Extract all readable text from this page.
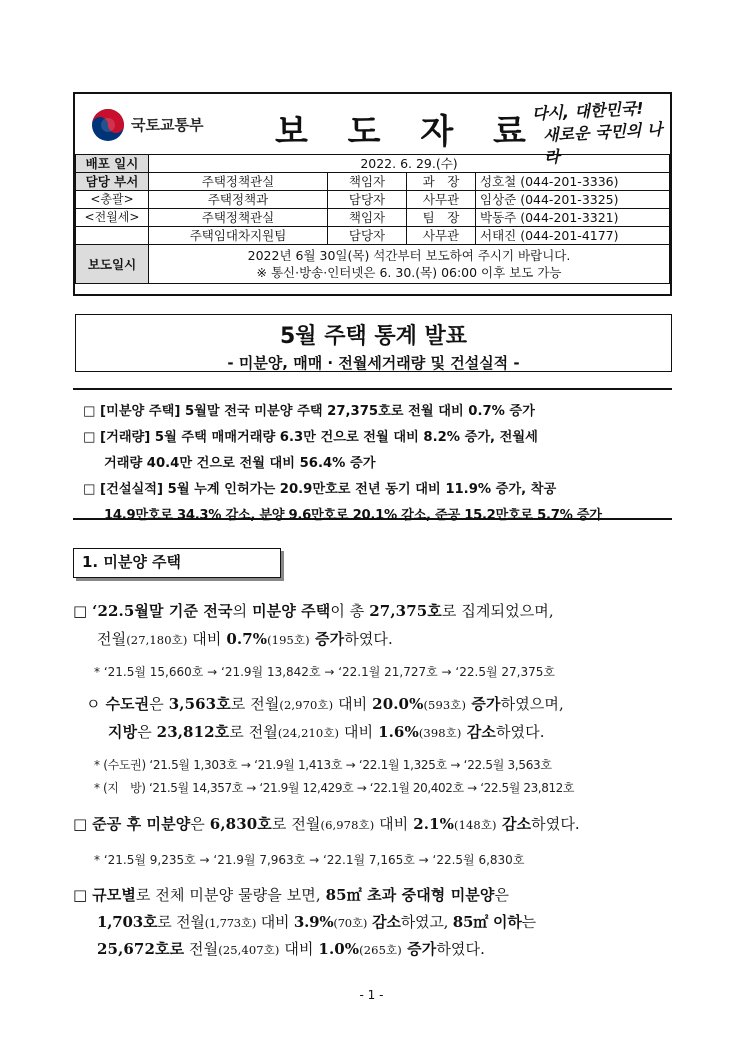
국토교통부 보 도 자 료
다시, 대한민국!
새로운 국민의 나라
배포 일시	2022. 6. 29.(수)			
담당 부서	주택정책관실	책임자	과　장	성호철 (044-201-3336)
<총괄>	주택정책과	담당자	사무관	임상준 (044-201-3325)
<전월세>	주택정책관실	책임자	팀　장	박동주 (044-201-3321)
	주택임대차지원팀	담당자	사무관	서태진 (044-201-4177)
보도일시	2022년 6월 30일(목) 석간부터 보도하여 주시기 바랍니다.
※ 통신·방송·인터넷은 6. 30.(목) 06:00 이후 보도 가능			
5월 주택 통계 발표
- 미분양, 매매 · 전월세거래량 및 건설실적 -
□ [미분양 주택] 5월말 전국 미분양 주택 27,375호로 전월 대비 0.7% 증가
□ [거래량] 5월 주택 매매거래량 6.3만 건으로 전월 대비 8.2% 증가, 전월세
거래량 40.4만 건으로 전월 대비 56.4% 증가
□ [건설실적] 5월 누계 인허가는 20.9만호로 전년 동기 대비 11.9% 증가, 착공
14.9만호로 34.3% 감소, 분양 9.6만호로 20.1% 감소, 준공 15.2만호로 5.7% 증가
1. 미분양 주택
□ ‘22.5월말 기준 전국의 미분양 주택이 총 27,375호로 집계되었으며,
전월(27,180호) 대비 0.7%(195호) 증가하였다.
* ‘21.5월 15,660호 → ‘21.9월 13,842호 → ‘22.1월 21,727호 → ‘22.5월 27,375호
ㅇ 수도권은 3,563호로 전월(2,970호) 대비 20.0%(593호) 증가하였으며,
지방은 23,812호로 전월(24,210호) 대비 1.6%(398호) 감소하였다.
* (수도권) ‘21.5월 1,303호 → ‘21.9월 1,413호 → ‘22.1월 1,325호 → ‘22.5월 3,563호
* (지　방) ‘21.5월 14,357호 → ‘21.9월 12,429호 → ‘22.1월 20,402호 → ‘22.5월 23,812호
□ 준공 후 미분양은 6,830호로 전월(6,978호) 대비 2.1%(148호) 감소하였다.
* ‘21.5월 9,235호 → ‘21.9월 7,963호 → ‘22.1월 7,165호 → ‘22.5월 6,830호
□ 규모별로 전체 미분양 물량을 보면, 85㎡ 초과 중대형 미분양은
1,703호로 전월(1,773호) 대비 3.9%(70호) 감소하였고, 85㎡ 이하는
25,672호로 전월(25,407호) 대비 1.0%(265호) 증가하였다.
- 1 -
